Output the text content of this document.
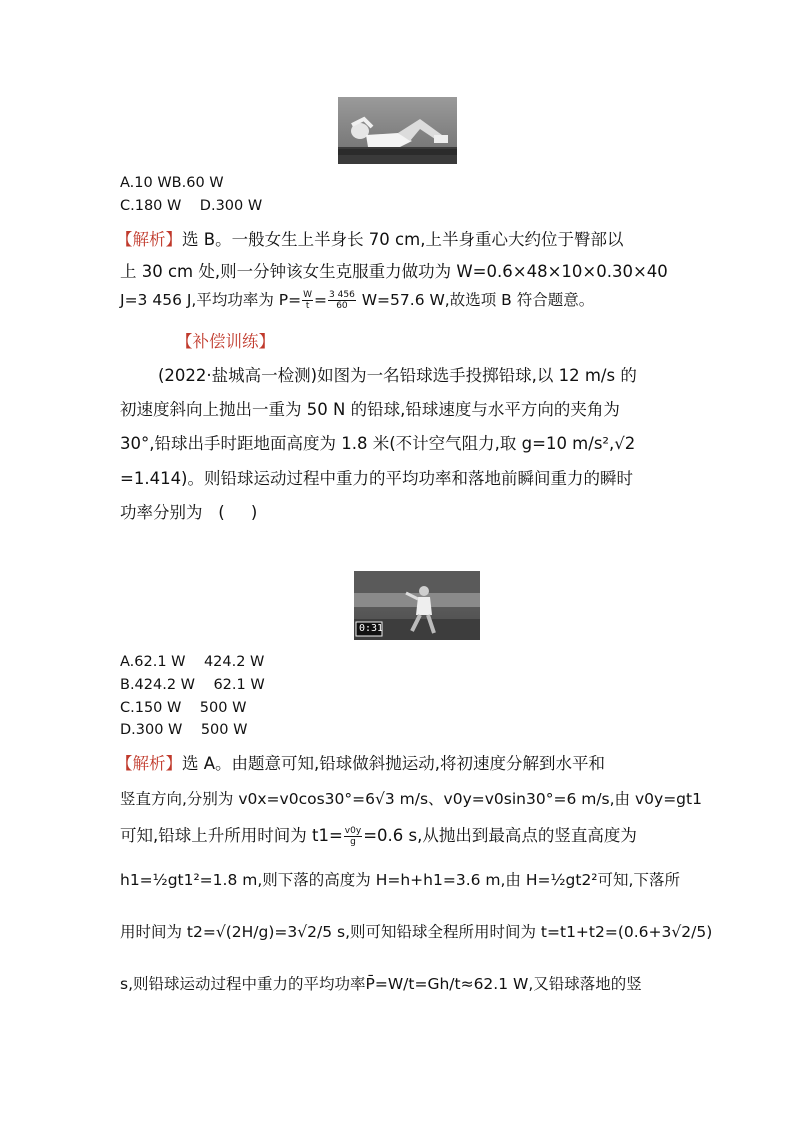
A.10 WB.60 W
C.180 W    D.300 W
【解析】选 B。一般女生上半身长 70 cm,上半身重心大约位于臀部以
上 30 cm 处,则一分钟该女生克服重力做功为 W=0.6×48×10×0.30×40
J=3 456 J,平均功率为 $P= \frac{W}{t} = \frac{3 456}{60} W=57.6$ W,故选项 B 符合题意。
【补偿训练】
(2022·盐城高一检测)如图为一名铅球选手投掷铅球,以 12 m/s 的
初速度斜向上抛出一重为 50 N 的铅球,铅球速度与水平方向的夹角为
30°,铅球出手时距地面高度为 1.8 米(不计空气阻力,取 g=10 m/s²,√2
=1.414)。则铅球运动过程中重力的平均功率和落地前瞬间重力的瞬时
功率分别为   (     )
0:31
A.62.1 W    424.2 W
B.424.2 W    62.1 W
C.150 W    500 W
D.300 W    500 W
【解析】选 A。由题意可知,铅球做斜抛运动,将初速度分解到水平和
竖直方向,分别为 v0x=v0cos30°=6√3 m/s、v0y=v0sin30°=6 m/s,由 v0y=gt1
可知,铅球上升所用时间为 $t1= \frac{v0y}{g} =0.6$ s,从抛出到最高点的竖直高度为
h1=½gt1²=1.8 m,则下落的高度为 H=h+h1=3.6 m,由 H=½gt2²可知,下落所
用时间为 t2=√(2H/g)=3√2/5 s,则可知铅球全程所用时间为 t=t1+t2=(0.6+3√2/5)
s,则铅球运动过程中重力的平均功率P̄=W/t=Gh/t≈62.1 W,又铅球落地的竖
